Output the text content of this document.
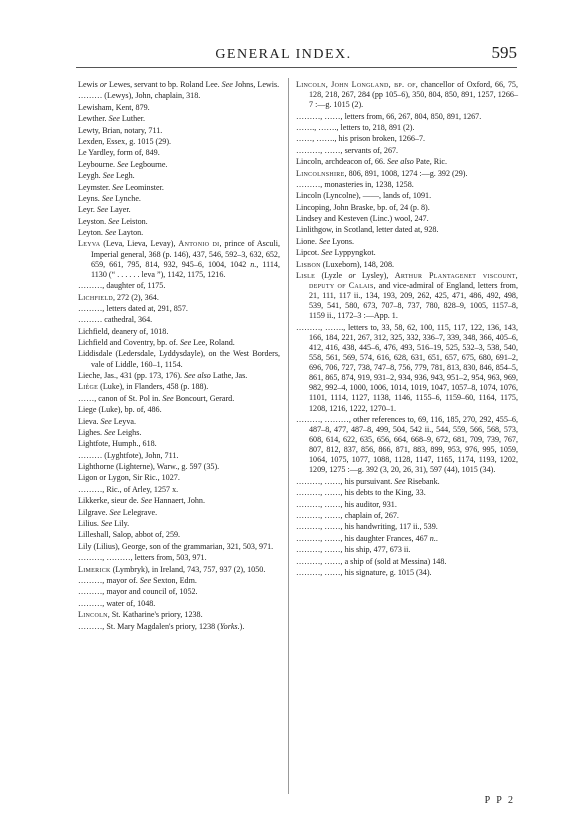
GENERAL INDEX.	595
Lewis or Lewes, servant to bp. Roland Lee. See Johns, Lewis.
……… (Lewys), John, chaplain, 318.
Lewisham, Kent, 879.
Lewther. See Luther.
Lewty, Brian, notary, 711.
Lexden, Essex, g. 1015 (29).
Le Yardley, form of, 849.
Leybourne. See Legbourne.
Leygh. See Legh.
Leymster. See Leominster.
Leyns. See Lynche.
Leyr. See Layer.
Leyston. See Leiston.
Leyton. See Layton.
Leyva (Leva, Lieva, Levay), Antonio di, prince of Asculi, Imperial general, 368 (p. 146), 437, 546, 592–3, 632, 652, 659, 661, 795, 814, 932, 945–6, 1004, 1042 n., 1114, 1130 (“ . . . . . . leva ”), 1142, 1175, 1216.
………, daughter of, 1175.
Lichfield, 272 (2), 364.
………, letters dated at, 291, 857.
……… cathedral, 364.
Lichfield, deanery of, 1018.
Lichfield and Coventry, bp. of. See Lee, Roland.
Liddisdale (Ledersdale, Lyddysdayle), on the West Borders, vale of Liddle, 160–1, 1154.
Lieche, Jas., 431 (pp. 173, 176). See also Lathe, Jas.
Liége (Luke), in Flanders, 458 (p. 188).
……, canon of St. Pol in. See Boncourt, Gerard.
Liege (Luke), bp. of, 486.
Lieva. See Leyva.
Lighes. See Leighs.
Lightfote, Humph., 618.
……… (Lyghtfote), John, 711.
Lighthorne (Lighterne), Warw., g. 597 (35).
Ligon or Lygon, Sir Ric., 1027.
………, Ric., of Arley, 1257 x.
Likkerke, sieur de. See Hannaert, John.
Lilgrave. See Lelegrave.
Lilius. See Lily.
Lilleshall, Salop, abbot of, 259.
Lily (Lilius), George, son of the grammarian, 321, 503, 971.
………, ………, letters from, 503, 971.
Limerick (Lymbryk), in Ireland, 743, 757, 937 (2), 1050.
………, mayor of. See Sexton, Edm.
………, mayor and council of, 1052.
………, water of, 1048.
Lincoln, St. Katharine's priory, 1238.
………, St. Mary Magdalen's priory, 1238 (Yorks.).
Lincoln, John Longland, bp. of, chancellor of Oxford, 66, 75, 128, 218, 267, 284 (pp 105–6), 350, 804, 850, 891, 1257, 1266–7 :—g. 1015 (2).
………, ……, letters from, 66, 267, 804, 850, 891, 1267.
……., ……., letters to, 218, 891 (2).
……, ……., his prison broken, 1266–7.
………, ……, servants of, 267.
Lincoln, archdeacon of, 66. See also Pate, Ric.
Lincolnshire, 806, 891, 1008, 1274 :—g. 392 (29).
………, monasteries in, 1238, 1258.
Lincoln (Lyncolne), ——, lands of, 1091.
Lincoping, John Braske, bp. of, 24 (p. 8).
Lindsey and Kesteven (Linc.) wool, 247.
Linlithgow, in Scotland, letter dated at, 928.
Lione. See Lyons.
Lipcot. See Lyppyngkot.
Lisbon (Luxeborn), 148, 208.
Lisle (Lyzle or Lysley), Arthur Plantagenet viscount, deputy of Calais, and vice-admiral of England, letters from, 21, 111, 117 ii., 134, 193, 209, 262, 425, 471, 486, 492, 498, 539, 541, 580, 673, 707–8, 737, 780, 828–9, 1005, 1157–8, 1159 ii., 1172–3 :—App. 1.
………, ……., letters to, 33, 58, 62, 100, 115, 117, 122, 136, 143, 166, 184, 221, 267, 312, 325, 332, 336–7, 339, 348, 366, 405–6, 412, 416, 438, 445–6, 476, 493, 516–19, 525, 532–3, 538, 540, 558, 561, 569, 574, 616, 628, 631, 651, 657, 675, 680, 691–2, 696, 706, 727, 738, 747–8, 756, 779, 781, 813, 830, 846, 854–5, 861, 865, 874, 919, 931–2, 934, 936, 943, 951–2, 954, 963, 969, 982, 992–4, 1000, 1006, 1014, 1019, 1047, 1057–8, 1074, 1076, 1101, 1114, 1127, 1138, 1146, 1155–6, 1159–60, 1164, 1175, 1208, 1216, 1222, 1270–1.
………, ………, other references to, 69, 116, 185, 270, 292, 455–6, 487–8, 477, 487–8, 499, 504, 542 ii., 544, 559, 566, 568, 573, 608, 614, 622, 635, 656, 664, 668–9, 672, 681, 709, 739, 767, 807, 812, 837, 856, 866, 871, 883, 899, 953, 976, 995, 1059, 1064, 1075, 1077, 1088, 1128, 1147, 1165, 1174, 1193, 1202, 1209, 1275 :—g. 392 (3, 20, 26, 31), 597 (44), 1015 (34).
………, ……, his pursuivant. See Risebank.
………, ……, his debts to the King, 33.
………, ……, his auditor, 931.
………, ……, chaplain of, 267.
………, ……, his handwriting, 117 ii., 539.
………, ……, his daughter Frances, 467 n..
………, ……, his ship, 477, 673 ii.
………, ……, a ship of (sold at Messina) 148.
………, ……, his signature, g. 1015 (34).
P P 2
